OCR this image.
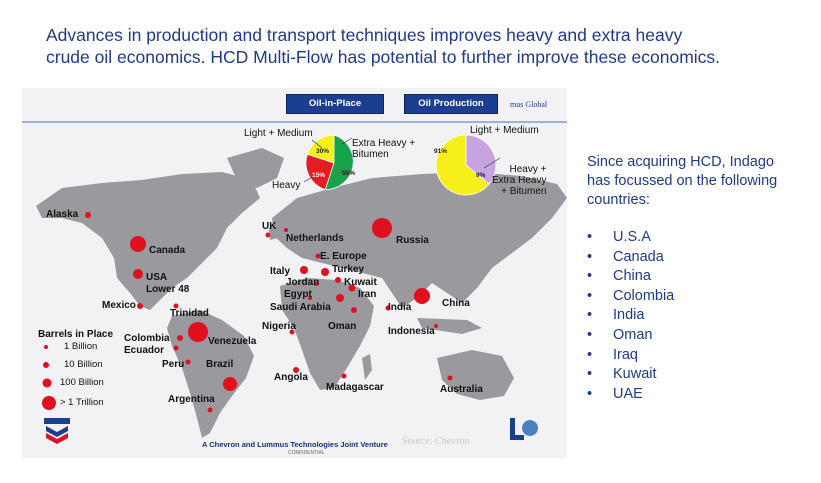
Advances in production and transport techniques improves heavy and extra heavy
crude oil economics. HCD Multi-Flow has potential to further improve these economics.
Oil-in-Place	Oil Production	mus Global
Light + Medium
Extra Heavy +
Bitumen
Heavy
30%
15%	55%
Light + Medium
Heavy +
Extra Heavy
+ Bitumen
91%
9%
Alaska
Canada
USA
Lower 48
Mexico
Trinidad
Colombia
Ecuador
Venezuela
Peru Brazil
Argentina
UK
Netherlands	Russia
E. Europe
Italy	Turkey
Jordan Kuwait
Egypt	Iran
Saudi Arabia	India	China
Nigeria	Oman	Indonesia
Angola
Madagascar	Australia
Barrels in Place
1 Billion
10 Billion
100 Billion
> 1 Trillion
A Chevron and Lummus Technologies Joint Venture
CONFIDENTIAL
Source: Chevron
Since acquiring HCD, Indago
has focussed on the following
countries:
• U.S.A
• Canada
• China
• Colombia
• India
• Oman
• Iraq
• Kuwait
• UAE
